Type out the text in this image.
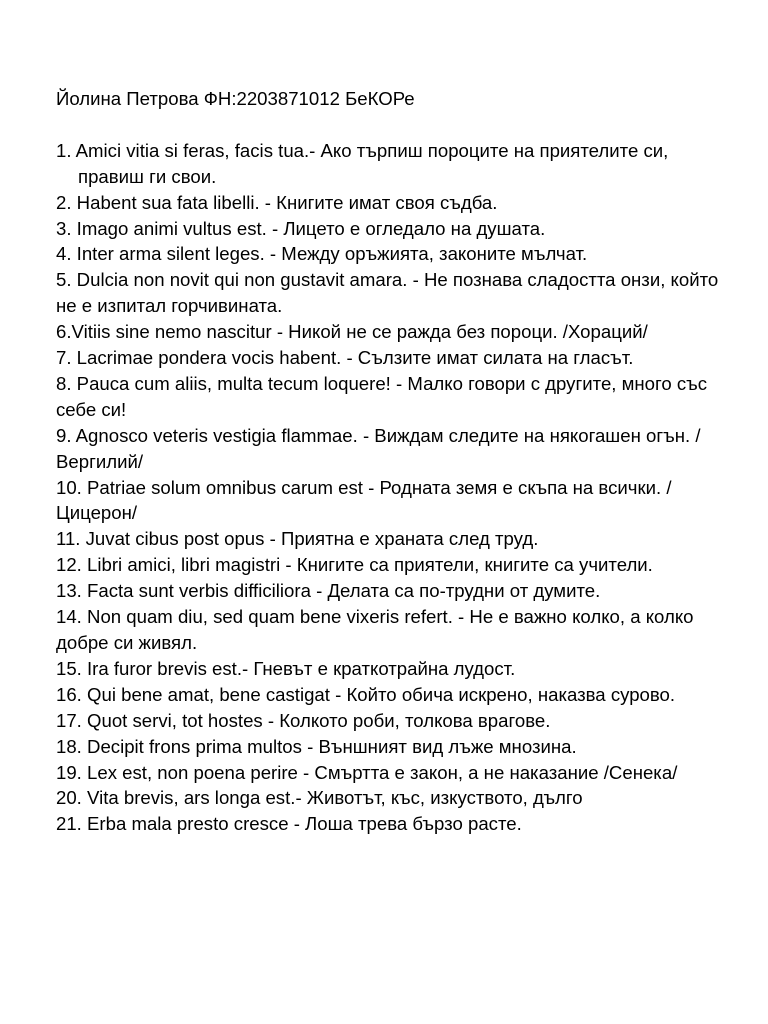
Йолина Петрова ФН:2203871012 БеКОРе
1. Amici vitia si feras, facis tua.- Ако търпиш пороците на приятелите си, правиш ги свои.
2. Habent sua fata libelli. - Книгите имат своя съдба.
3. Imago animi vultus est. - Лицето е огледало на душата.
4. Inter arma silent leges. - Между оръжията, законите мълчат.
5. Dulcia non novit qui non gustavit amara. - Не познава сладостта онзи, който не е изпитал горчивината.
6.Vitiis sine nemo nascitur - Никой не се ражда без пороци. /Хораций/
7. Lacrimae pondera vocis habent. - Сълзите имат силата на гласът.
8. Pauca cum aliis, multa tecum loquere! - Малко говори с другите, много със себе си!
9. Agnosco veteris vestigia flammae. - Виждам следите на някогашен огън. /Вергилий/
10. Patriae solum omnibus carum est - Родната земя е скъпа на всички. /Цицерон/
11. Juvat cibus post opus - Приятна е храната след труд.
12. Libri amici, libri magistri - Книгите са приятели, книгите са учители.
13. Facta sunt verbis difficiliora - Делата са по-трудни от думите.
14. Non quam diu, sed quam bene vixeris refert. - Не е важно колко, а колко добре си живял.
15. Ira furor brevis est.- Гневът е краткотрайна лудост.
16. Qui bene amat, bene castigat - Който обича искрено, наказва сурово.
17. Quot servi, tot hostes - Колкото роби, толкова врагове.
18. Decipit frons prima multos - Външният вид лъже мнозина.
19. Lex est, non poena perire - Смъртта е закон, а не наказание /Сенека/
20. Vita brevis, ars longa est.- Животът, къс, изкуството, дълго
21. Erba mala presto cresce - Лоша трева бързо расте.
